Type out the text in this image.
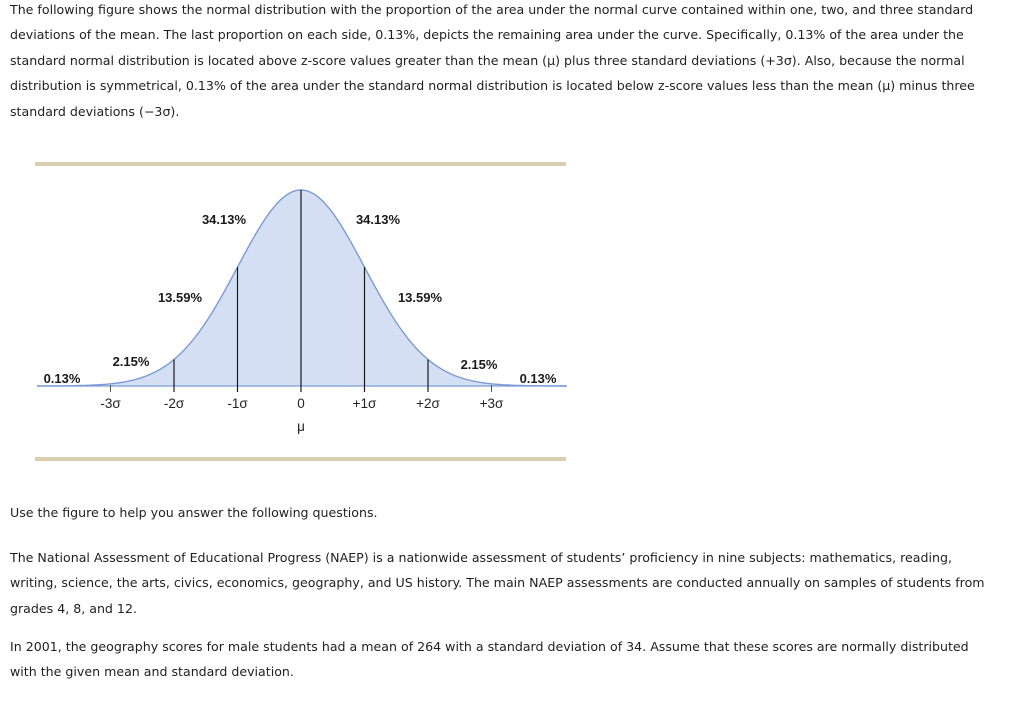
The following figure shows the normal distribution with the proportion of the area under the normal curve contained within one, two, and three standard deviations of the mean. The last proportion on each side, 0.13%, depicts the remaining area under the curve. Specifically, 0.13% of the area under the standard normal distribution is located above z-score values greater than the mean (μ) plus three standard deviations (+3σ). Also, because the normal distribution is symmetrical, 0.13% of the area under the standard normal distribution is located below z-score values less than the mean (μ) minus three standard deviations (−3σ).

-3σ	-2σ	-1σ	0	+1σ	+2σ	+3σ
0.13%
2.15%
13.59%
34.13%	34.13%
13.59%
2.15%
0.13%
μ

Use the figure to help you answer the following questions.

The National Assessment of Educational Progress (NAEP) is a nationwide assessment of students’ proficiency in nine subjects: mathematics, reading, writing, science, the arts, civics, economics, geography, and US history. The main NAEP assessments are conducted annually on samples of students from grades 4, 8, and 12.

In 2001, the geography scores for male students had a mean of 264 with a standard deviation of 34. Assume that these scores are normally distributed with the given mean and standard deviation.
